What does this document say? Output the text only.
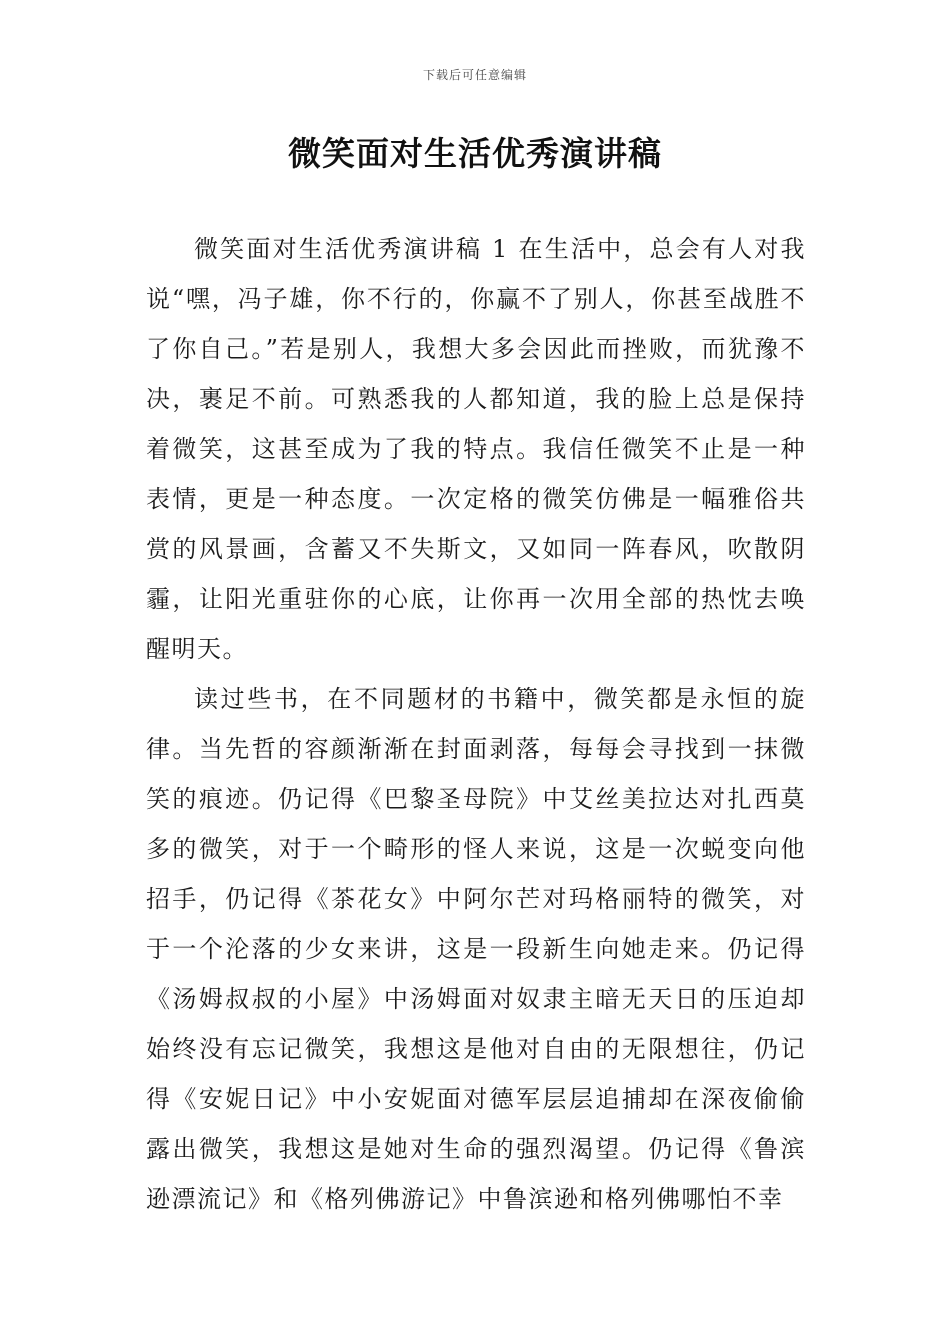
下载后可任意编辑
微笑面对生活优秀演讲稿

微笑面对生活优秀演讲稿 1 在生活中，总会有人对我说“嘿，冯子雄，你不行的，你赢不了别人，你甚至战胜不了你自己。”若是别人，我想大多会因此而挫败，而犹豫不决，裹足不前。可熟悉我的人都知道，我的脸上总是保持着微笑，这甚至成为了我的特点。我信任微笑不止是一种表情，更是一种态度。一次定格的微笑仿佛是一幅雅俗共赏的风景画，含蓄又不失斯文，又如同一阵春风，吹散阴霾，让阳光重驻你的心底，让你再一次用全部的热忱去唤醒明天。

读过些书，在不同题材的书籍中，微笑都是永恒的旋律。当先哲的容颜渐渐在封面剥落，每每会寻找到一抹微笑的痕迹。仍记得《巴黎圣母院》中艾丝美拉达对扎西莫多的微笑，对于一个畸形的怪人来说，这是一次蜕变向他招手，仍记得《茶花女》中阿尔芒对玛格丽特的微笑，对于一个沦落的少女来讲，这是一段新生向她走来。仍记得《汤姆叔叔的小屋》中汤姆面对奴隶主暗无天日的压迫却始终没有忘记微笑，我想这是他对自由的无限想往，仍记得《安妮日记》中小安妮面对德军层层追捕却在深夜偷偷露出微笑，我想这是她对生命的强烈渴望。仍记得《鲁滨逊漂流记》和《格列佛游记》中鲁滨逊和格列佛哪怕不幸
